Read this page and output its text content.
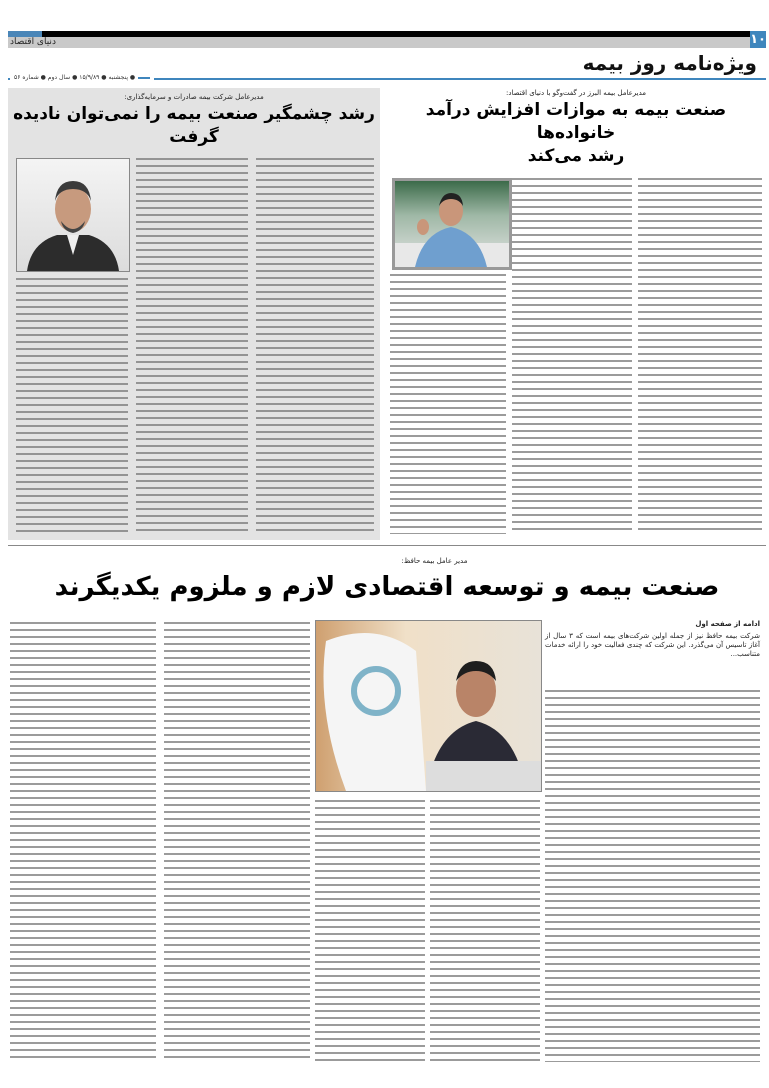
دنیای اقتصاد	۱۰
ویژه‌نامه روز بیمه
● پنجشنبه ● ۱۵/۹/۸۹ ● سال دوم ● شماره ۵۶
مدیرعامل شرکت بیمه صادرات و سرمایه‌گذاری:
رشد چشمگیر صنعت بیمه را نمی‌توان نادیده گرفت
مدیرعامل بیمه البرز در گفت‌وگو با دنیای اقتصاد:
صنعت بیمه به موازات افزایش درآمد خانواده‌ها
رشد می‌کند
مدیر عامل بیمه حافظ:
صنعت بیمه و توسعه اقتصادی لازم و ملزوم یکدیگرند
ادامه از صفحه اول
شرکت بیمه حافظ نیز از جمله اولین شرکت‌های بیمه است که ۳ سال از آغاز تاسیس آن می‌گذرد. این شرکت که چندی فعالیت خود را ارائه خدمات متناسب...
